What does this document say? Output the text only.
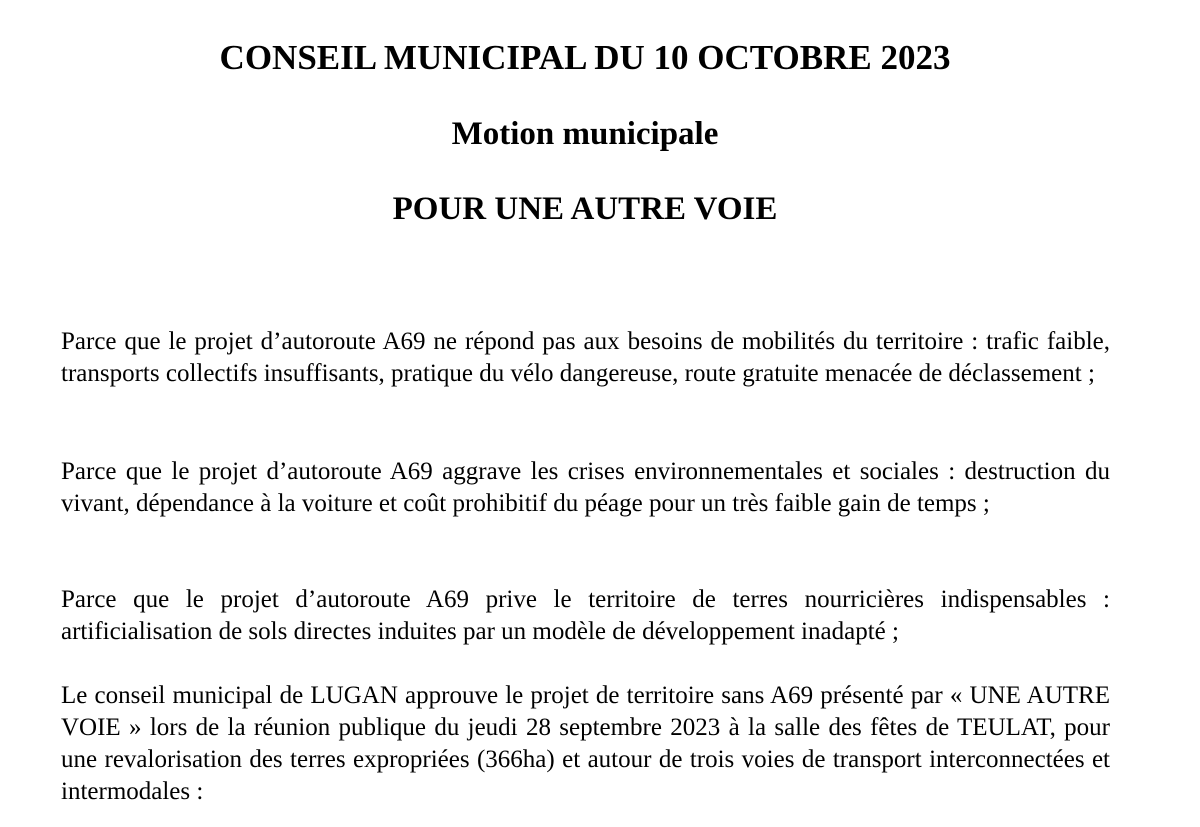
CONSEIL MUNICIPAL DU 10 OCTOBRE 2023
Motion municipale
POUR UNE AUTRE VOIE

Parce que le projet d’autoroute A69 ne répond pas aux besoins de mobilités du territoire : trafic faible, transports collectifs insuffisants, pratique du vélo dangereuse, route gratuite menacée de déclassement ;

Parce que le projet d’autoroute A69 aggrave les crises environnementales et sociales : destruction du vivant, dépendance à la voiture et coût prohibitif du péage pour un très faible gain de temps ;

Parce que le projet d’autoroute A69 prive le territoire de terres nourricières indispensables : artificialisation de sols directes induites par un modèle de développement inadapté ;

Le conseil municipal de LUGAN approuve le projet de territoire sans A69 présenté par « UNE AUTRE VOIE » lors de la réunion publique du jeudi 28 septembre 2023 à la salle des fêtes de TEULAT, pour une revalorisation des terres expropriées (366ha) et autour de trois voies de transport interconnectées et intermodales :
